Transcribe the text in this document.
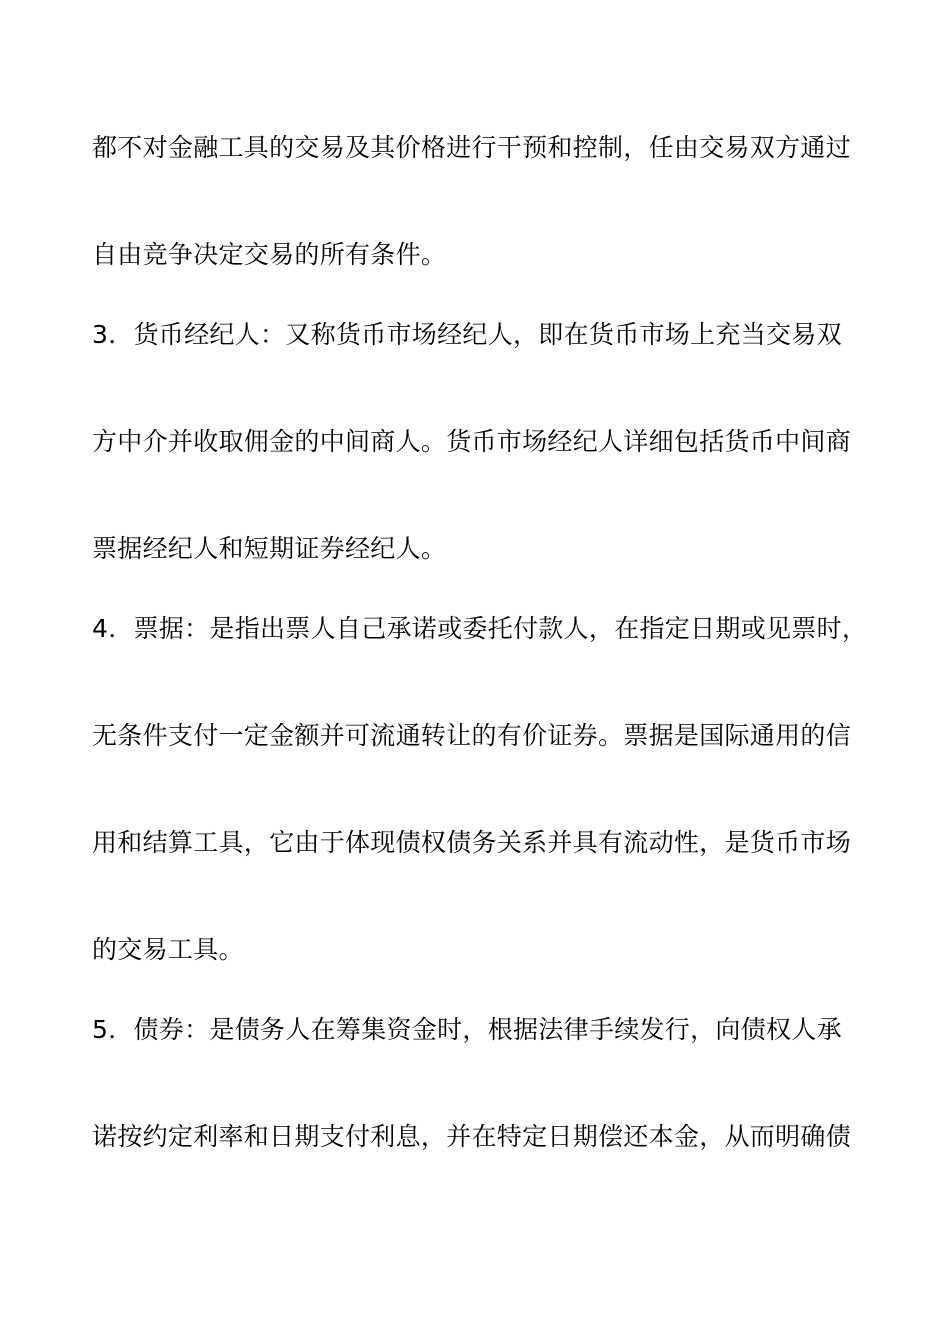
都不对金融工具的交易及其价格进行干预和控制，任由交易双方通过
自由竞争决定交易的所有条件。
3．货币经纪人：又称货币市场经纪人，即在货币市场上充当交易双
方中介并收取佣金的中间商人。货币市场经纪人详细包括货币中间商
票据经纪人和短期证券经纪人。
4．票据：是指出票人自己承诺或委托付款人，在指定日期或见票时，
无条件支付一定金额并可流通转让的有价证券。票据是国际通用的信
用和结算工具，它由于体现债权债务关系并具有流动性，是货币市场
的交易工具。
5．债券：是债务人在筹集资金时，根据法律手续发行，向债权人承
诺按约定利率和日期支付利息，并在特定日期偿还本金，从而明确债
